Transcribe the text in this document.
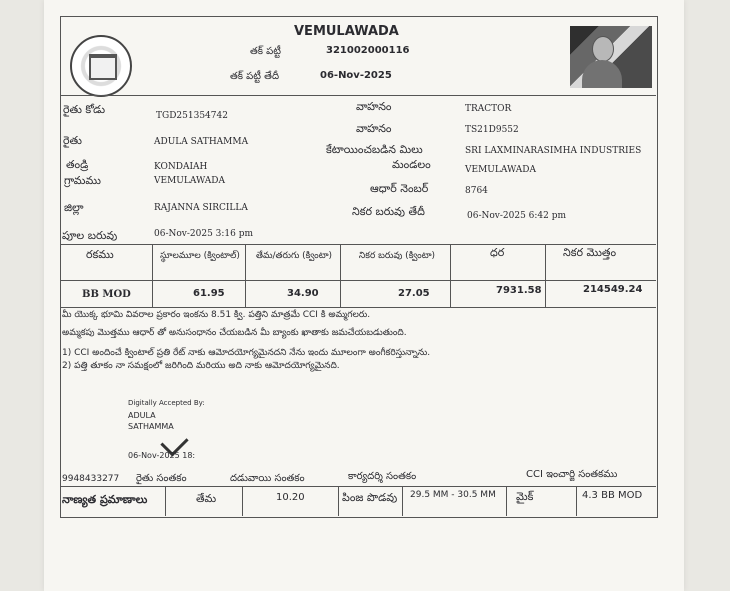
VEMULAWADA
తక్ పట్టీ	321002000116
తక్ పట్టీ తేదీ	06-Nov-2025
రైతు కోడు	TGD251354742
రైతు	ADULA SATHAMMA
తండ్రి	KONDAIAH
గ్రామము	VEMULAWADA
జిల్లా	RAJANNA SIRCILLA
పూల బరువు	06-Nov-2025 3:16 pm
వాహనం	TRACTOR
వాహనం	TS21D9552
కేటాయించబడిన మిలు	SRI LAXMINARASIMHA INDUSTRIES
మండలం	VEMULAWADA
ఆధార్ నెంబర్	8764
నికర బరువు తేదీ	06-Nov-2025 6:42 pm
రకము	స్థూలమూల (క్వింటాల్)	తేమ/తరుగు (క్వింటా)	నికర బరువు (క్వింటా)	ధర	నికర మొత్తం
BB MOD	61.95	34.90	27.05	7931.58	214549.24
మీ యొక్క భూమి వివరాల ప్రకారం ఇంకను 8.51 క్వి. పత్తిని మాత్రమే CCI కి అమ్మగలరు.
అమ్మకపు మొత్తము ఆధార్ తో అనుసంధానం చేయబడిన మీ బ్యాంకు ఖాతాకు జమచేయబడుతుంది.
1) CCI అందించే క్వింటాల్ ప్రతి రేట్ నాకు ఆమోదయోగ్యమైనదని నేను ఇందు మూలంగా అంగీకరిస్తున్నాను.
2) పత్తి తూకం నా సమక్షంలో జరిగింది మరియు అది నాకు ఆమోదయోగ్యమైనది.
Digitally Accepted By:
ADULA
SATHAMMA
06-Nov-2025 18:
9948433277 రైతు సంతకం	దడువాయి సంతకం	కార్యదర్శి సంతకం	CCI ఇంచార్జి సంతకము
నాణ్యత ప్రమాణాలు	తేమ	10.20	పింజ పొడవు 29.5 MM - 30.5 MM	మైక్	4.3 BB MOD
